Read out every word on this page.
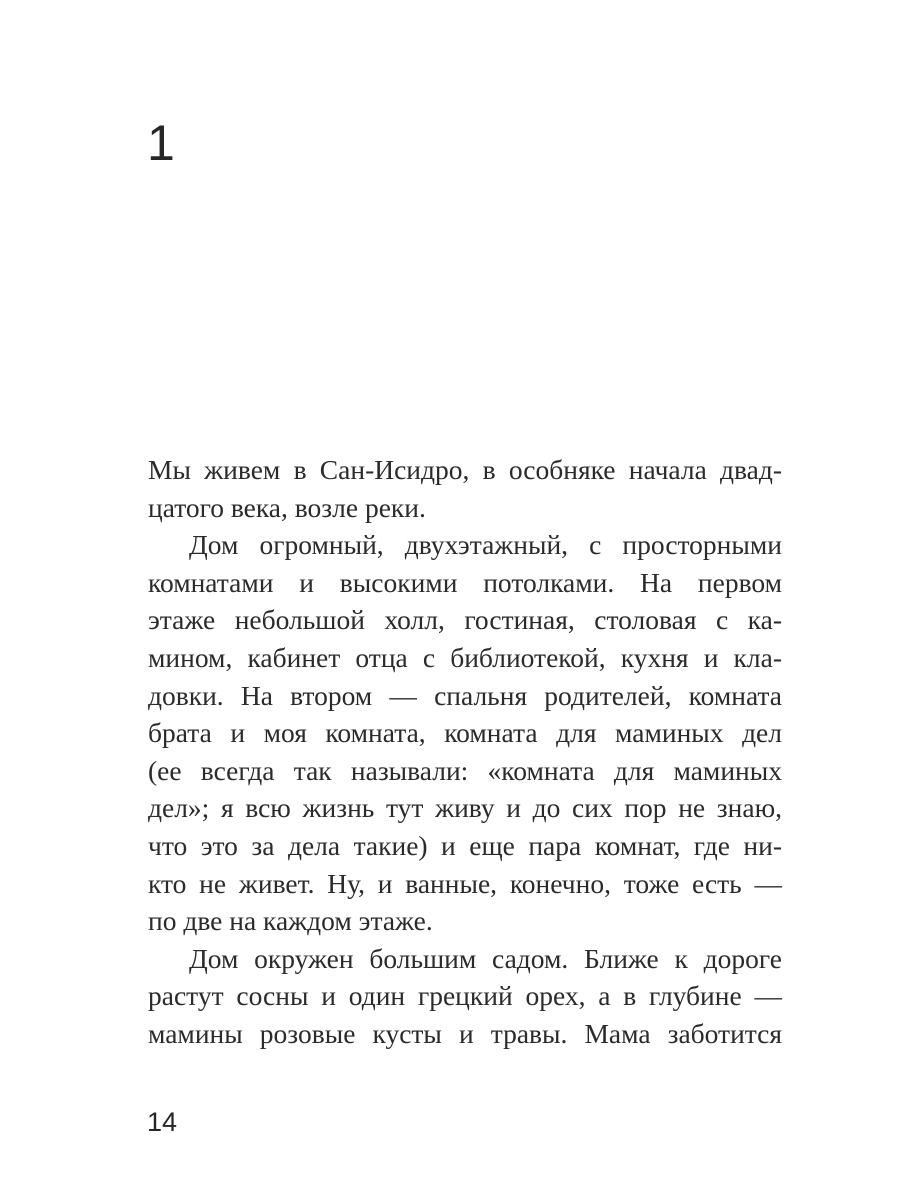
1

Мы живем в Сан-Исидро, в особняке начала двад-
цатого века, возле реки.

Дом огромный, двухэтажный, с просторными
комнатами и высокими потолками. На первом
этаже небольшой холл, гостиная, столовая с ка-
мином, кабинет отца с библиотекой, кухня и кла-
довки. На втором — спальня родителей, комната
брата и моя комната, комната для маминых дел
(ее всегда так называли: «комната для маминых
дел»; я всю жизнь тут живу и до сих пор не знаю,
что это за дела такие) и еще пара комнат, где ни-
кто не живет. Ну, и ванные, конечно, тоже есть —
по две на каждом этаже.

Дом окружен большим садом. Ближе к дороге
растут сосны и один грецкий орех, а в глубине —
мамины розовые кусты и травы. Мама заботится

14
